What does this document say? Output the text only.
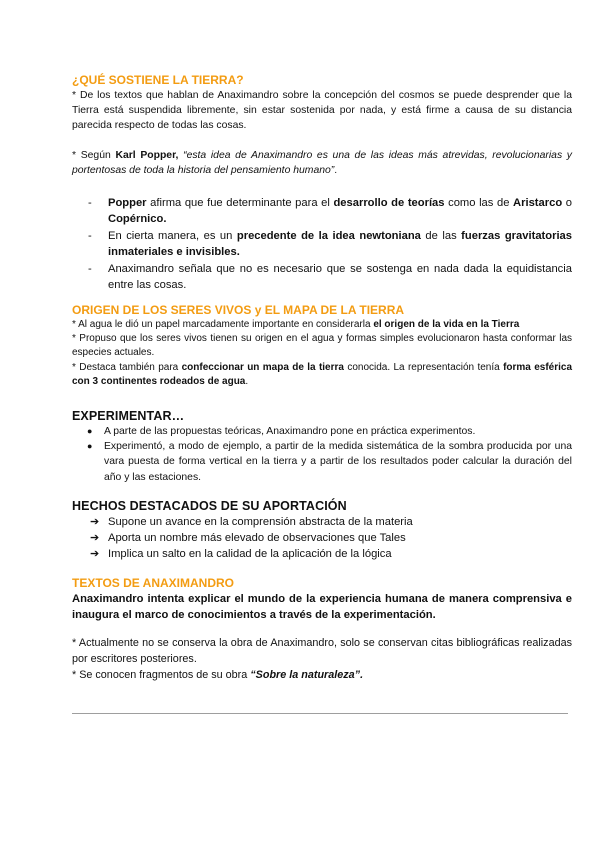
¿QUÉ SOSTIENE LA TIERRA?

* De los textos que hablan de Anaximandro sobre la concepción del cosmos se puede desprender que la Tierra está suspendida libremente, sin estar sostenida por nada, y está firme a causa de su distancia parecida respecto de todas las cosas.

* Según Karl Popper, “esta idea de Anaximandro es una de las ideas más atrevidas, revolucionarias y portentosas de toda la historia del pensamiento humano”.

- Popper afirma que fue determinante para el desarrollo de teorías como las de Aristarco o Copérnico.
- En cierta manera, es un precedente de la idea newtoniana de las fuerzas gravitatorias inmateriales e invisibles.
- Anaximandro señala que no es necesario que se sostenga en nada dada la equidistancia entre las cosas.
ORIGEN DE LOS SERES VIVOS y EL MAPA DE LA TIERRA

* Al agua le dió un papel marcadamente importante en considerarla el origen de la vida en la Tierra

* Propuso que los seres vivos tienen su origen en el agua y formas simples evolucionaron hasta conformar las especies actuales.

* Destaca también para confeccionar un mapa de la tierra conocida. La representación tenía forma esférica con 3 continentes rodeados de agua.

EXPERIMENTAR…
● A parte de las propuestas teóricas, Anaximandro pone en práctica experimentos.
● Experimentó, a modo de ejemplo, a partir de la medida sistemática de la sombra producida por una vara puesta de forma vertical en la tierra y a partir de los resultados poder calcular la duración del año y las estaciones.
HECHOS DESTACADOS DE SU APORTACIÓN
➔ Supone un avance en la comprensión abstracta de la materia
➔ Aporta un nombre más elevado de observaciones que Tales
➔ Implica un salto en la calidad de la aplicación de la lógica
TEXTOS DE ANAXIMANDRO

Anaximandro intenta explicar el mundo de la experiencia humana de manera comprensiva e inaugura el marco de conocimientos a través de la experimentación.

* Actualmente no se conserva la obra de Anaximandro, solo se conservan citas bibliográficas realizadas por escritores posteriores.

* Se conocen fragmentos de su obra “Sobre la naturaleza”.
